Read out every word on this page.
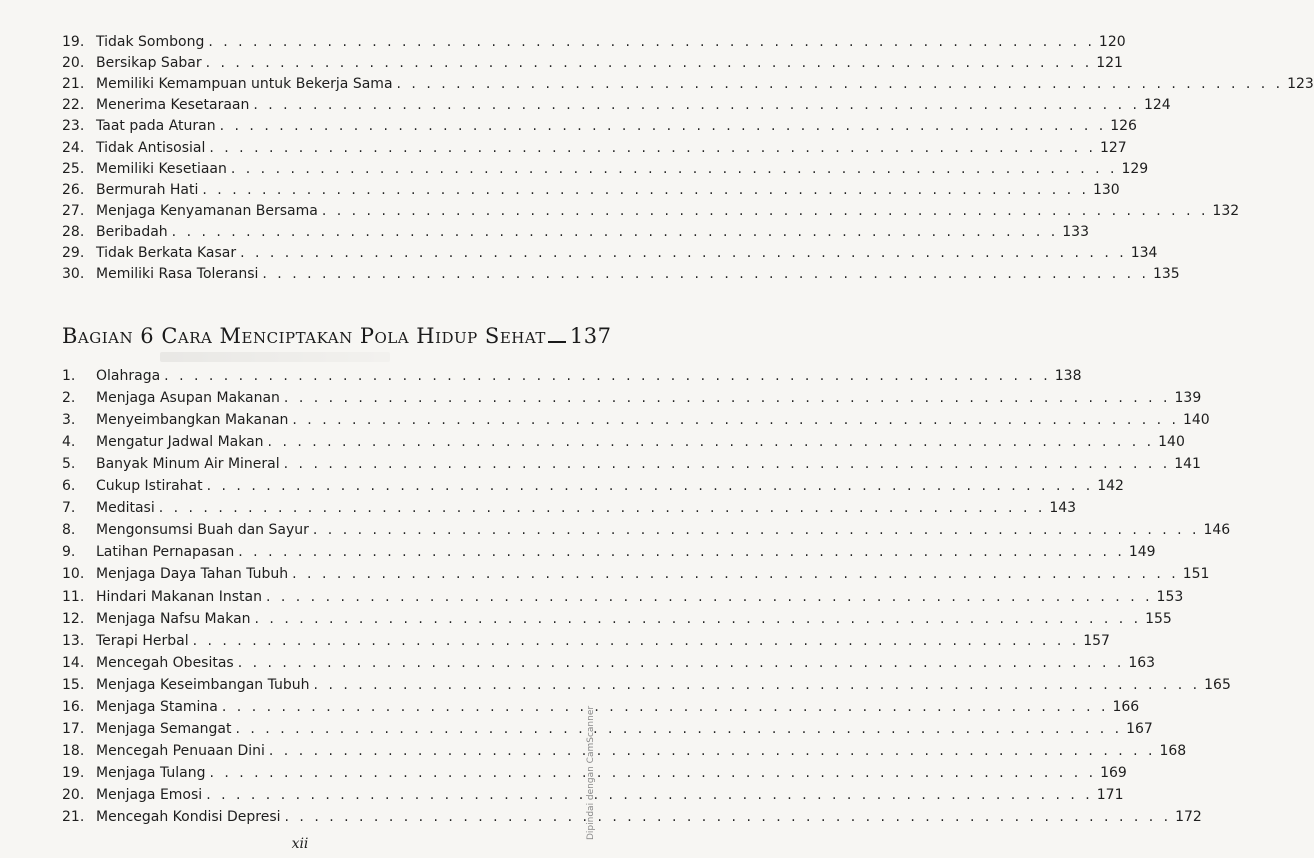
19. Tidak Sombong . . . . . . . . . . . . . . . . . . . . . . . . . . . . . . . . . . . . . . . . . . . . . . . . . . . . . . . . . . . . 120
20. Bersikap Sabar . . . . . . . . . . . . . . . . . . . . . . . . . . . . . . . . . . . . . . . . . . . . . . . . . . . . . . . . . . . . 121
21. Memiliki Kemampuan untuk Bekerja Sama . . . . . . . . . . . . . . . . . . . . . . . . . . . . . . . . . . . . . . . . . . . . . . . . . . . . . . . . . . . . 123
22. Menerima Kesetaraan . . . . . . . . . . . . . . . . . . . . . . . . . . . . . . . . . . . . . . . . . . . . . . . . . . . . . . . . . . . . 124
23. Taat pada Aturan . . . . . . . . . . . . . . . . . . . . . . . . . . . . . . . . . . . . . . . . . . . . . . . . . . . . . . . . . . . . 126
24. Tidak Antisosial . . . . . . . . . . . . . . . . . . . . . . . . . . . . . . . . . . . . . . . . . . . . . . . . . . . . . . . . . . . . 127
25. Memiliki Kesetiaan . . . . . . . . . . . . . . . . . . . . . . . . . . . . . . . . . . . . . . . . . . . . . . . . . . . . . . . . . . . . 129
26. Bermurah Hati . . . . . . . . . . . . . . . . . . . . . . . . . . . . . . . . . . . . . . . . . . . . . . . . . . . . . . . . . . . . 130
27. Menjaga Kenyamanan Bersama . . . . . . . . . . . . . . . . . . . . . . . . . . . . . . . . . . . . . . . . . . . . . . . . . . . . . . . . . . . . 132
28. Beribadah . . . . . . . . . . . . . . . . . . . . . . . . . . . . . . . . . . . . . . . . . . . . . . . . . . . . . . . . . . . . 133
29. Tidak Berkata Kasar . . . . . . . . . . . . . . . . . . . . . . . . . . . . . . . . . . . . . . . . . . . . . . . . . . . . . . . . . . . . 134
30. Memiliki Rasa Toleransi . . . . . . . . . . . . . . . . . . . . . . . . . . . . . . . . . . . . . . . . . . . . . . . . . . . . . . . . . . . . 135
Bagian 6 Cara Menciptakan Pola Hidup Sehat 137
1.	Olahraga . . . . . . . . . . . . . . . . . . . . . . . . . . . . . . . . . . . . . . . . . . . . . . . . . . . . . . . . . . . . 138
2.	Menjaga Asupan Makanan . . . . . . . . . . . . . . . . . . . . . . . . . . . . . . . . . . . . . . . . . . . . . . . . . . . . . . . . . . . . 139
3.	Menyeimbangkan Makanan . . . . . . . . . . . . . . . . . . . . . . . . . . . . . . . . . . . . . . . . . . . . . . . . . . . . . . . . . . . . 140
4.	Mengatur Jadwal Makan . . . . . . . . . . . . . . . . . . . . . . . . . . . . . . . . . . . . . . . . . . . . . . . . . . . . . . . . . . . . 140
5.	Banyak Minum Air Mineral . . . . . . . . . . . . . . . . . . . . . . . . . . . . . . . . . . . . . . . . . . . . . . . . . . . . . . . . . . . . 141
6.	Cukup Istirahat . . . . . . . . . . . . . . . . . . . . . . . . . . . . . . . . . . . . . . . . . . . . . . . . . . . . . . . . . . . . 142
7.	Meditasi . . . . . . . . . . . . . . . . . . . . . . . . . . . . . . . . . . . . . . . . . . . . . . . . . . . . . . . . . . . . 143
8.	Mengonsumsi Buah dan Sayur . . . . . . . . . . . . . . . . . . . . . . . . . . . . . . . . . . . . . . . . . . . . . . . . . . . . . . . . . . . . 146
9.	Latihan Pernapasan . . . . . . . . . . . . . . . . . . . . . . . . . . . . . . . . . . . . . . . . . . . . . . . . . . . . . . . . . . . . 149
10. Menjaga Daya Tahan Tubuh . . . . . . . . . . . . . . . . . . . . . . . . . . . . . . . . . . . . . . . . . . . . . . . . . . . . . . . . . . . . 151
11. Hindari Makanan Instan . . . . . . . . . . . . . . . . . . . . . . . . . . . . . . . . . . . . . . . . . . . . . . . . . . . . . . . . . . . . 153
12. Menjaga Nafsu Makan . . . . . . . . . . . . . . . . . . . . . . . . . . . . . . . . . . . . . . . . . . . . . . . . . . . . . . . . . . . . 155
13. Terapi Herbal . . . . . . . . . . . . . . . . . . . . . . . . . . . . . . . . . . . . . . . . . . . . . . . . . . . . . . . . . . . . 157
14. Mencegah Obesitas . . . . . . . . . . . . . . . . . . . . . . . . . . . . . . . . . . . . . . . . . . . . . . . . . . . . . . . . . . . . 163
15. Menjaga Keseimbangan Tubuh . . . . . . . . . . . . . . . . . . . . . . . . . . . . . . . . . . . . . . . . . . . . . . . . . . . . . . . . . . . . 165
16. Menjaga Stamina . . . . . . . . . . . . . . . . . . . . . . . . . . . . . . . . . . . . . . . . . . . . . . . . . . . . . . . . . . . . 166
17. Menjaga Semangat . . . . . . . . . . . . . . . . . . . . . . . . . . . . . . . . . . . . . . . . . . . . . . . . . . . . . . . . . . . . 167
18. Mencegah Penuaan Dini . . . . . . . . . . . . . . . . . . . . . . . . . . . . . . . . . . . . . . . . . . . . . . . . . . . . . . . . . . . . 168
19. Menjaga Tulang . . . . . . . . . . . . . . . . . . . . . . . . . . . . . . . . . . . . . . . . . . . . . . . . . . . . . . . . . . . . 169
20. Menjaga Emosi . . . . . . . . . . . . . . . . . . . . . . . . . . . . . . . . . . . . . . . . . . . . . . . . . . . . . . . . . . . . 171
21. Mencegah Kondisi Depresi . . . . . . . . . . . . . . . . . . . . . . . . . . . . . . . . . . . . . . . . . . . . . . . . . . . . . . . . . . . . 172
xii
Dipindai dengan CamScanner
